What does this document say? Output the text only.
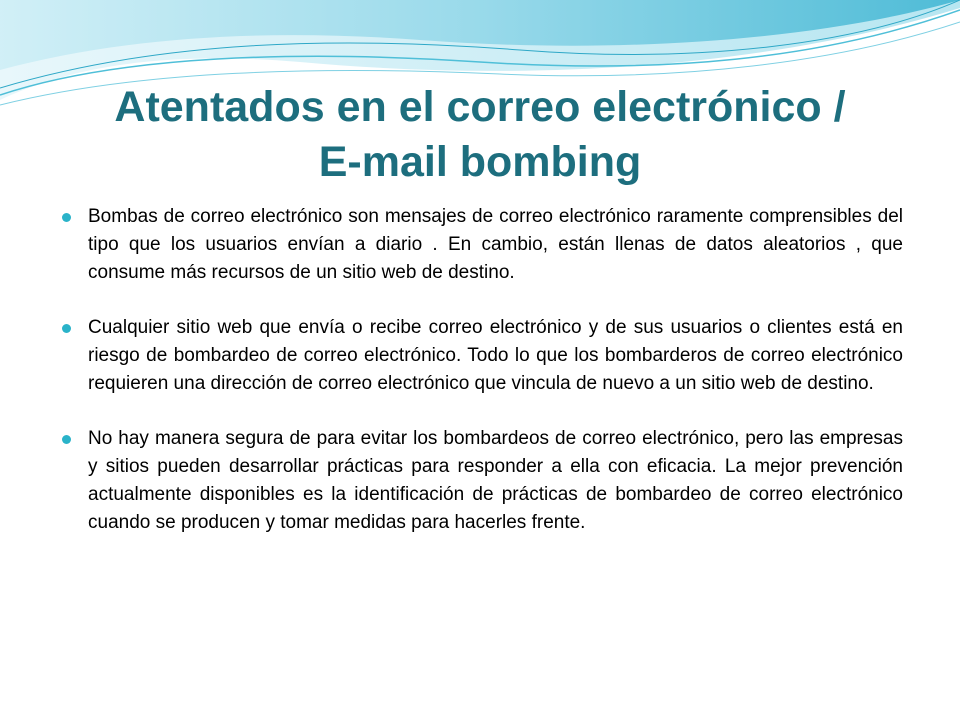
Atentados en el correo electrónico /
E-mail bombing
Bombas de correo electrónico son mensajes de correo electrónico raramente comprensibles del tipo que los usuarios envían a diario . En cambio, están llenas de datos aleatorios , que consume más recursos de un sitio web de destino.
Cualquier sitio web que envía o recibe correo electrónico y de sus usuarios o clientes está en riesgo de bombardeo de correo electrónico. Todo lo que los bombarderos de correo electrónico requieren una dirección de correo electrónico que vincula de nuevo a un sitio web de destino.
No hay manera segura de para evitar los bombardeos de correo electrónico, pero las empresas y sitios pueden desarrollar prácticas para responder a ella con eficacia. La mejor prevención actualmente disponibles es la identificación de prácticas de bombardeo de correo electrónico cuando se producen y tomar medidas para hacerles frente.
